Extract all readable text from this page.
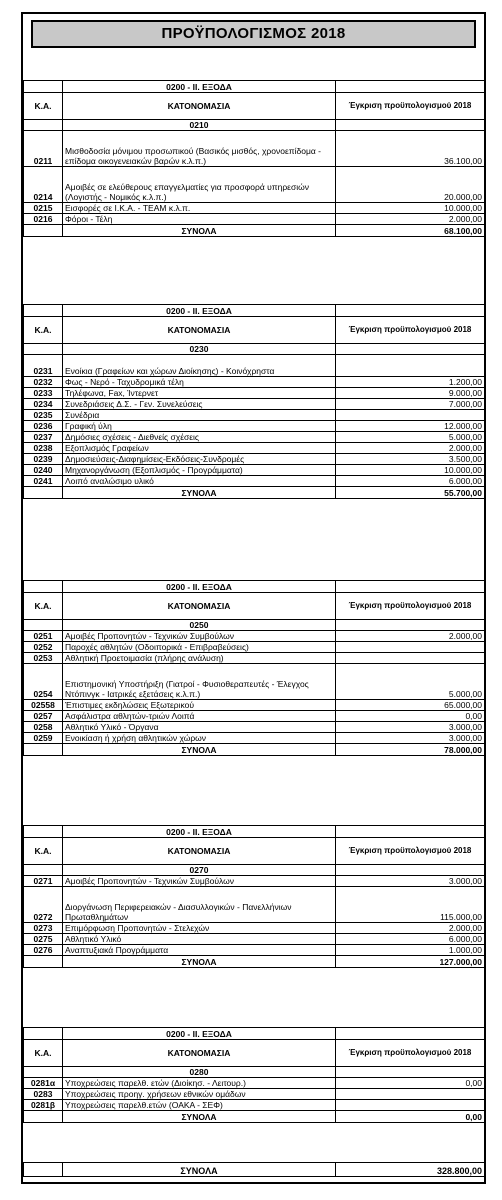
ΠΡΟΫΠΟΛΟΓΙΣΜΟΣ 2018
	0200 - ΙΙ. ΕΞΟΔΑ	
Κ.Α.	ΚΑΤΟΝΟΜΑΣΙΑ	Έγκριση προϋπολογισμού 2018
	0210	
0211	Μισθοδοσία μόνιμου προσωπικού (Βασικός μισθός, χρονοεπίδομα - επίδομα οικογενειακών βαρών κ.λ.π.)	36.100,00
0214	Αμοιβές σε ελεύθερους επαγγελματίες για προσφορά υπηρεσιών (Λογιστής - Νομικός κ.λ.π.)	20.000,00
0215	Εισφορές σε Ι.Κ.Α. - TEAM κ.λ.π.	10.000,00
0216	Φόροι - Τέλη	2.000,00
	ΣΥΝΟΛΑ	68.100,00
	0200 - ΙΙ. ΕΞΟΔΑ	
Κ.Α.	ΚΑΤΟΝΟΜΑΣΙΑ	Έγκριση προϋπολογισμού 2018
	0230	
0231	Ενοίκια (Γραφείων και χώρων Διοίκησης) - Κοινόχρηστα	
0232	Φως - Νερό - Ταχυδρομικά τέλη	1.200,00
0233	Τηλέφωνα, Fax, Ίντερνετ	9.000,00
0234	Συνεδριάσεις Δ.Σ. - Γεν. Συνελεύσεις	7.000,00
0235	Συνέδρια	
0236	Γραφική ύλη	12.000,00
0237	Δημόσιες σχέσεις - Διεθνείς σχέσεις	5.000,00
0238	Εξοπλισμός Γραφείων	2.000,00
0239	Δημοσιεύσεις-Διαφημίσεις-Εκδόσεις-Συνδρομές	3.500,00
0240	Μηχανοργάνωση (Εξοπλισμός - Προγράμματα)	10.000,00
0241	Λοιπό αναλώσιμο υλικό	6.000,00
	ΣΥΝΟΛΑ	55.700,00
	0200 - ΙΙ. ΕΞΟΔΑ	
Κ.Α.	ΚΑΤΟΝΟΜΑΣΙΑ	Έγκριση προϋπολογισμού 2018
	0250	
0251	Αμοιβές Προπονητών - Τεχνικών Συμβούλων	2.000,00
0252	Παροχές αθλητών (Οδοιπορικά - Επιβραβεύσεις)	
0253	Αθλητική Προετοιμασία (πλήρης ανάλυση)	
0254	Επιστημονική Υποστήριξη (Γιατροί - Φυσιοθεραπευτές - Έλεγχος Ντόπινγκ - Ιατρικές εξετάσεις κ.λ.π.)	5.000,00
02558	Έπιστιμες εκδηλώσεις Εξωτερικού	65.000,00
0257	Ασφάλιστρα αθλητών-τριών Λοιπά	0,00
0258	Αθλητικό Υλικό - Όργανα	3.000,00
0259	Ενοικίαση ή χρήση αθλητικών χώρων	3.000,00
	ΣΥΝΟΛΑ	78.000,00
	0200 - ΙΙ. ΕΞΟΔΑ	
Κ.Α.	ΚΑΤΟΝΟΜΑΣΙΑ	Έγκριση προϋπολογισμού 2018
	0270	
0271	Αμοιβές Προπονητών - Τεχνικών Συμβούλων	3.000,00
0272	Διοργάνωση Περιφερειακών - Διασυλλογικών - Πανελλήνιων Πρωταθλημάτων	115.000,00
0273	Επιμόρφωση Προπονητών - Στελεχών	2.000,00
0275	Αθλητικό Υλικό	6.000,00
0276	Αναπτυξιακά Προγράμματα	1.000,00
	ΣΥΝΟΛΑ	127.000,00
	0200 - ΙΙ. ΕΞΟΔΑ	
Κ.Α.	ΚΑΤΟΝΟΜΑΣΙΑ	Έγκριση προϋπολογισμού 2018
	0280	
0281α	Υποχρεώσεις παρελθ. ετών (Διοίκησ. - Λειτουρ.)	0,00
0283	Υποχρεώσεις προηγ. χρήσεων εθνικών ομάδων	
0281β	Υποχρεώσεις παρελθ.ετών (ΟΑΚΑ - ΣΕΦ)	
	ΣΥΝΟΛΑ	0,00
	ΣΥΝΟΛΑ	328.800,00
